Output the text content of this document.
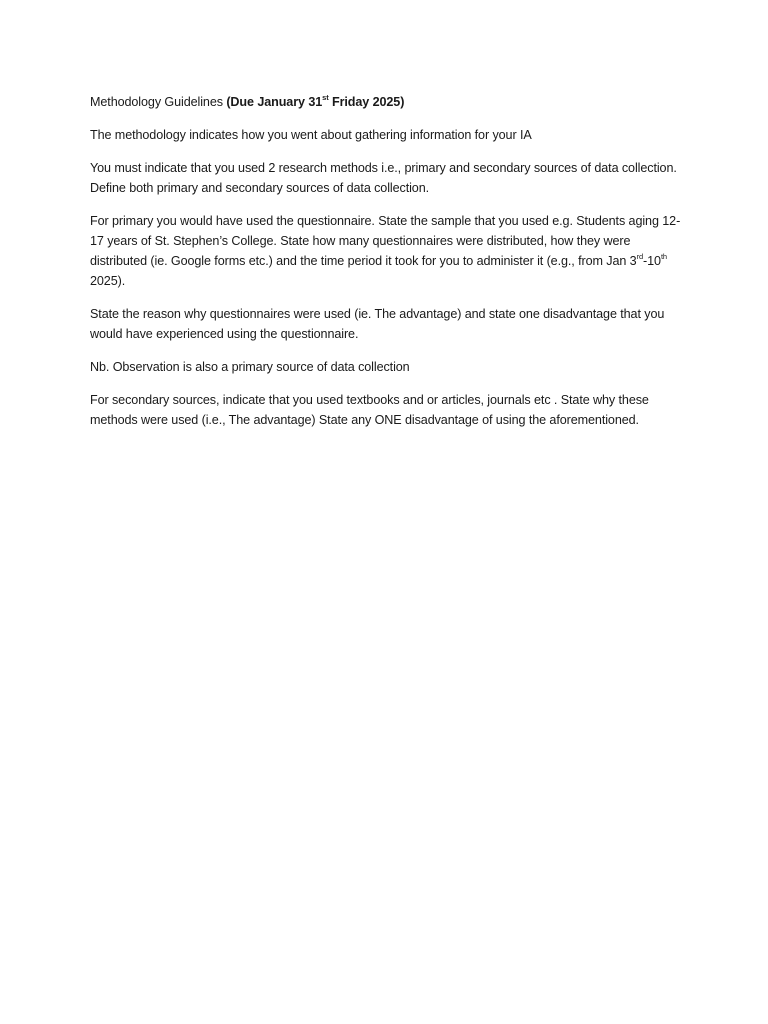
Methodology Guidelines (Due January 31st Friday 2025)

The methodology indicates how you went about gathering information for your IA

You must indicate that you used 2 research methods i.e., primary and secondary sources of data collection. Define both primary and secondary sources of data collection.

For primary you would have used the questionnaire. State the sample that you used e.g. Students aging 12-17 years of St. Stephen’s College. State how many questionnaires were distributed, how they were distributed (ie. Google forms etc.) and the time period it took for you to administer it (e.g., from Jan 3rd-10th 2025).

State the reason why questionnaires were used (ie. The advantage) and state one disadvantage that you would have experienced using the questionnaire.

Nb. Observation is also a primary source of data collection

For secondary sources, indicate that you used textbooks and or articles, journals etc . State why these methods were used (i.e., The advantage) State any ONE disadvantage of using the aforementioned.
